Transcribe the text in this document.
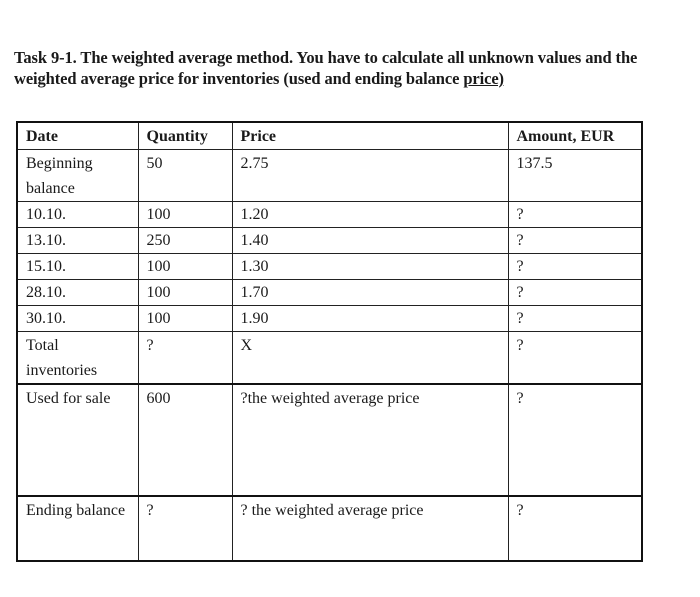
Task 9-1. The weighted average method. You have to calculate all unknown values and the weighted average price for inventories (used and ending balance price)
Date	Quantity	Price	Amount, EUR
Beginning balance	50	2.75	137.5
10.10.	100	1.20	?
13.10.	250	1.40	?
15.10.	100	1.30	?
28.10.	100	1.70	?
30.10.	100	1.90	?
Total inventories	?	X	?
Used for sale	600	?the weighted average price	?
Ending balance	?	? the weighted average price	?
